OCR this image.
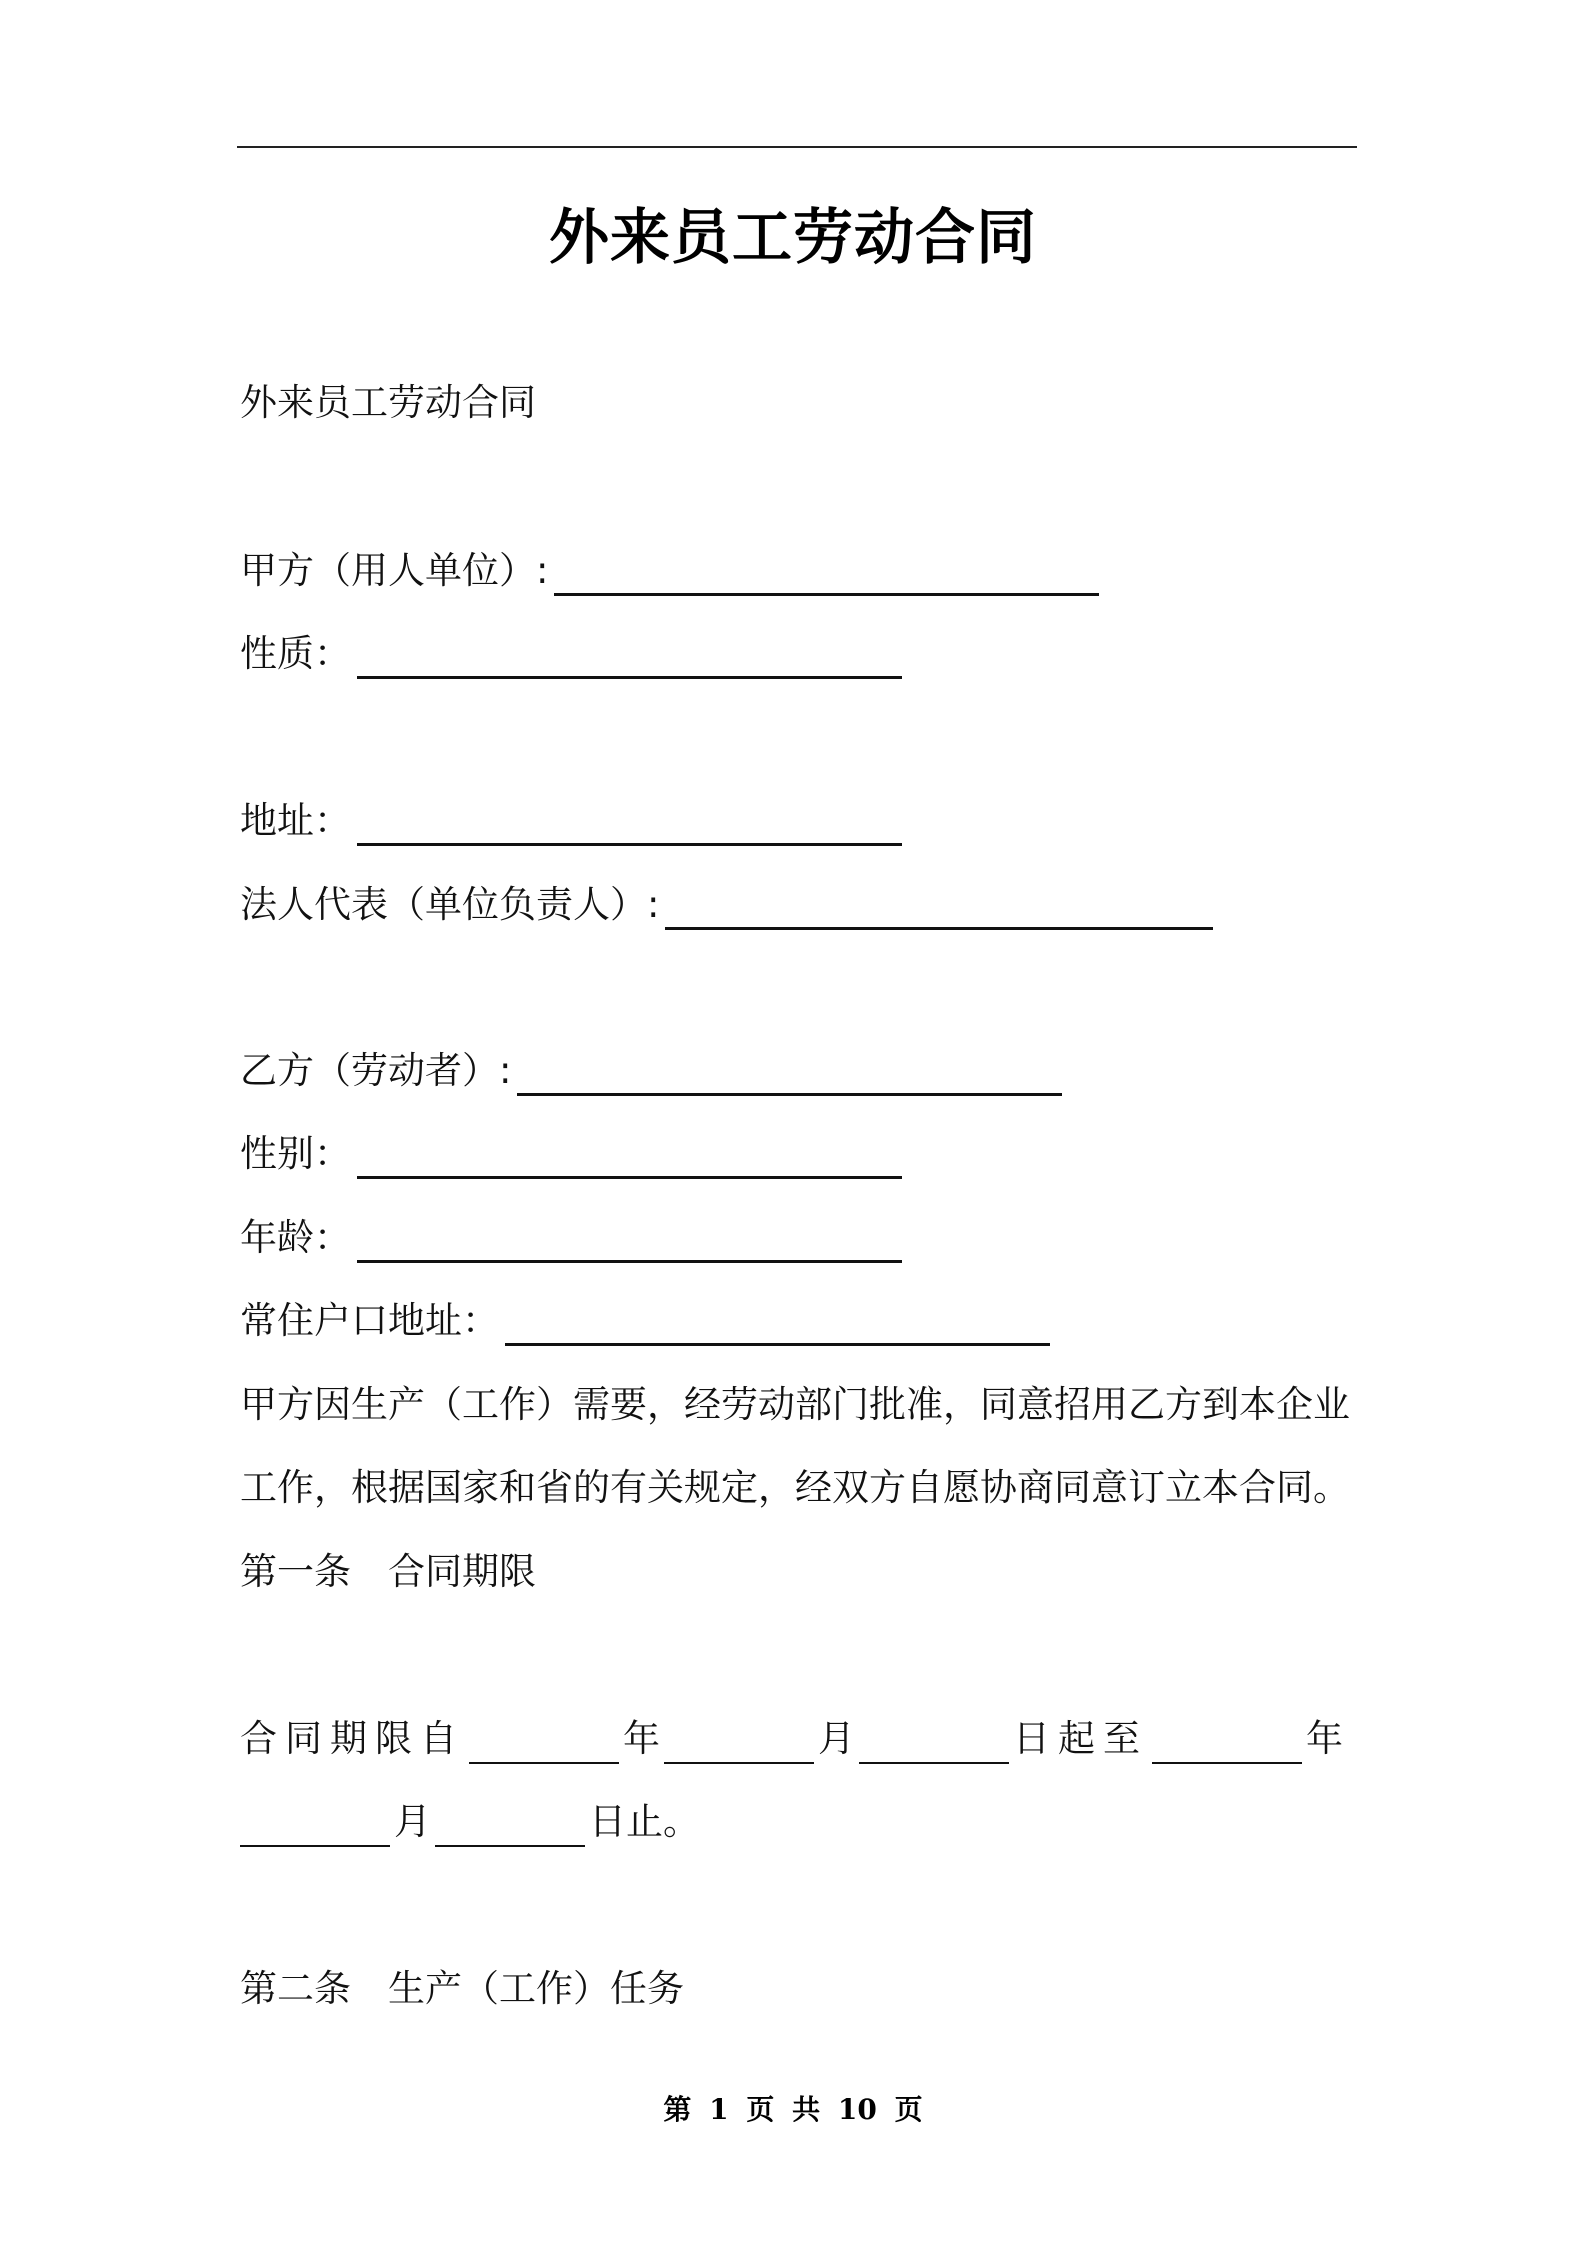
外来员工劳动合同
外来员工劳动合同
甲方（用人单位）:
性质：
地址：
法人代表（单位负责人）:
乙方（劳动者）:
性别：
年龄：
常住户口地址：
甲方因生产（工作）需要，经劳动部门批准，同意招用乙方到本企业
工作，根据国家和省的有关规定，经双方自愿协商同意订立本合同。
第一条　合同期限
合同期限自	年	月	日起至	年
月	日止。
第二条　生产（工作）任务
第 1 页 共 10 页
